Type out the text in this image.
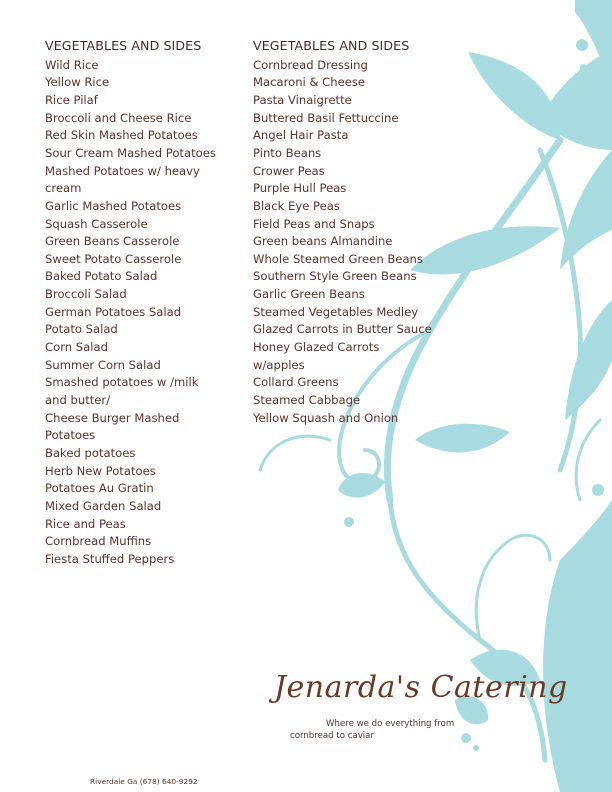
VEGETABLES AND SIDES
Wild Rice
Yellow Rice
Rice Pilaf
Broccoli and Cheese Rice
Red Skin Mashed Potatoes
Sour Cream Mashed Potatoes
Mashed Potatoes w/ heavy
cream
Garlic Mashed Potatoes
Squash Casserole
Green Beans Casserole
Sweet Potato Casserole
Baked Potato Salad
Broccoli Salad
German Potatoes Salad
Potato Salad
Corn Salad
Summer Corn Salad
Smashed potatoes w /milk
and butter/
Cheese Burger Mashed
Potatoes
Baked potatoes
Herb New Potatoes
Potatoes Au Gratin
Mixed Garden Salad
Rice and Peas
Cornbread Muffins
Fiesta Stuffed Peppers
VEGETABLES AND SIDES
Cornbread Dressing
Macaroni & Cheese
Pasta Vinaigrette
Buttered Basil Fettuccine
Angel Hair Pasta
Pinto Beans
Crower Peas
Purple Hull Peas
Black Eye Peas
Field Peas and Snaps
Green beans Almandine
Whole Steamed Green Beans
Southern Style Green Beans
Garlic Green Beans
Steamed Vegetables Medley
Glazed Carrots in Butter Sauce
Honey Glazed Carrots
w/apples
Collard Greens
Steamed Cabbage
Yellow Squash and Onion
Jenarda's Catering
Where we do everything from
cornbread to caviar
Riverdale Ga (678) 640-9292
